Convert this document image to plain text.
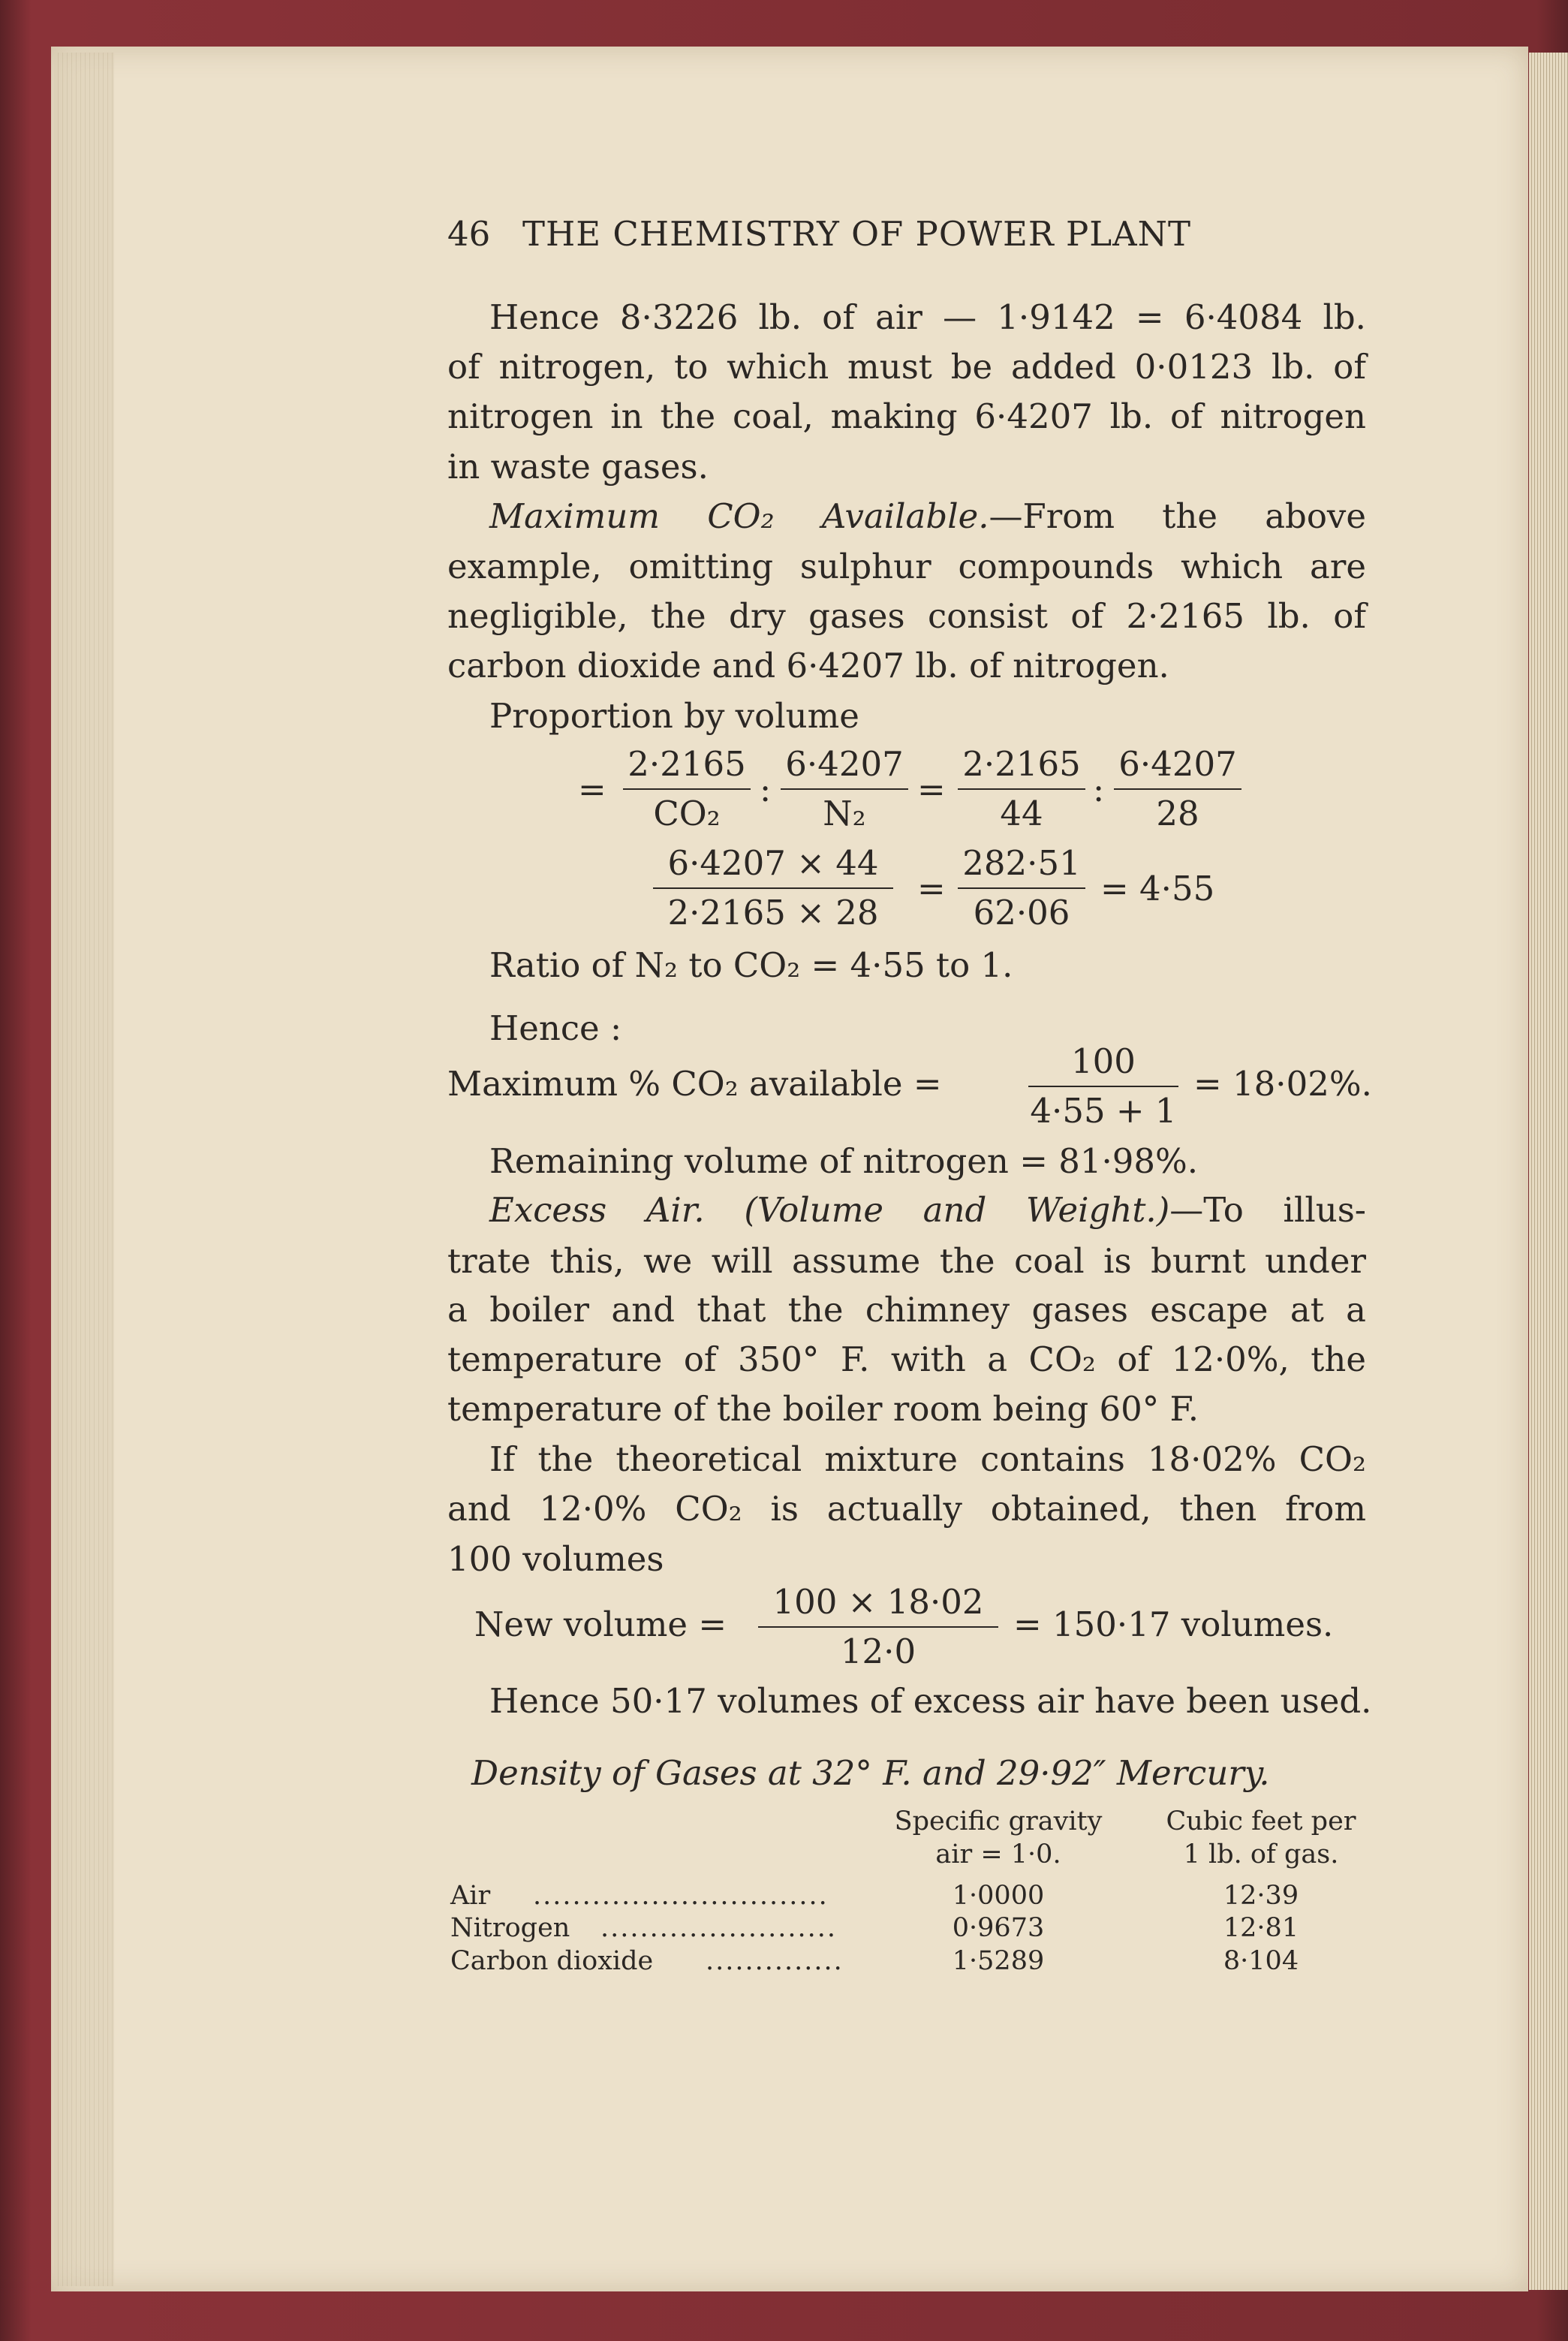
46 THE CHEMISTRY OF POWER PLANT
Hence 8·3226 lb. of air — 1·9142 = 6·4084 lb.
of nitrogen, to which must be added 0·0123 lb. of
nitrogen in the coal, making 6·4207 lb. of nitrogen
in waste gases.
Maximum CO₂ Available.—From the above
example, omitting sulphur compounds which are
negligible, the dry gases consist of 2·2165 lb. of
carbon dioxide and 6·4207 lb. of nitrogen.
Proportion by volume
=
2·2165
CO₂
:
6·4207
N₂
=
2·2165
44
:
6·4207
28
6·4207 × 44
2·2165 × 28
=
282·51
62·06
= 4·55
Ratio of N₂ to CO₂ = 4·55 to 1.
Hence :
Maximum % CO₂ available =
100
4·55 + 1
= 18·02%.
Remaining volume of nitrogen = 81·98%.
Excess Air. (Volume and Weight.)—To illus-
trate this, we will assume the coal is burnt under
a boiler and that the chimney gases escape at a
temperature of 350° F. with a CO₂ of 12·0%, the
temperature of the boiler room being 60° F.
If the theoretical mixture contains 18·02% CO₂
and 12·0% CO₂ is actually obtained, then from
100 volumes
New volume =
100 × 18·02
12·0
= 150·17 volumes.
Hence 50·17 volumes of excess air have been used.
Density of Gases at 32° F. and 29·92″ Mercury.
Specific gravity
air = 1·0.
Cubic feet per
1 lb. of gas.
Air ..............................	1·0000	12·39
Nitrogen ........................	0·9673	12·81
Carbon dioxide ..............	1·5289	8·104
